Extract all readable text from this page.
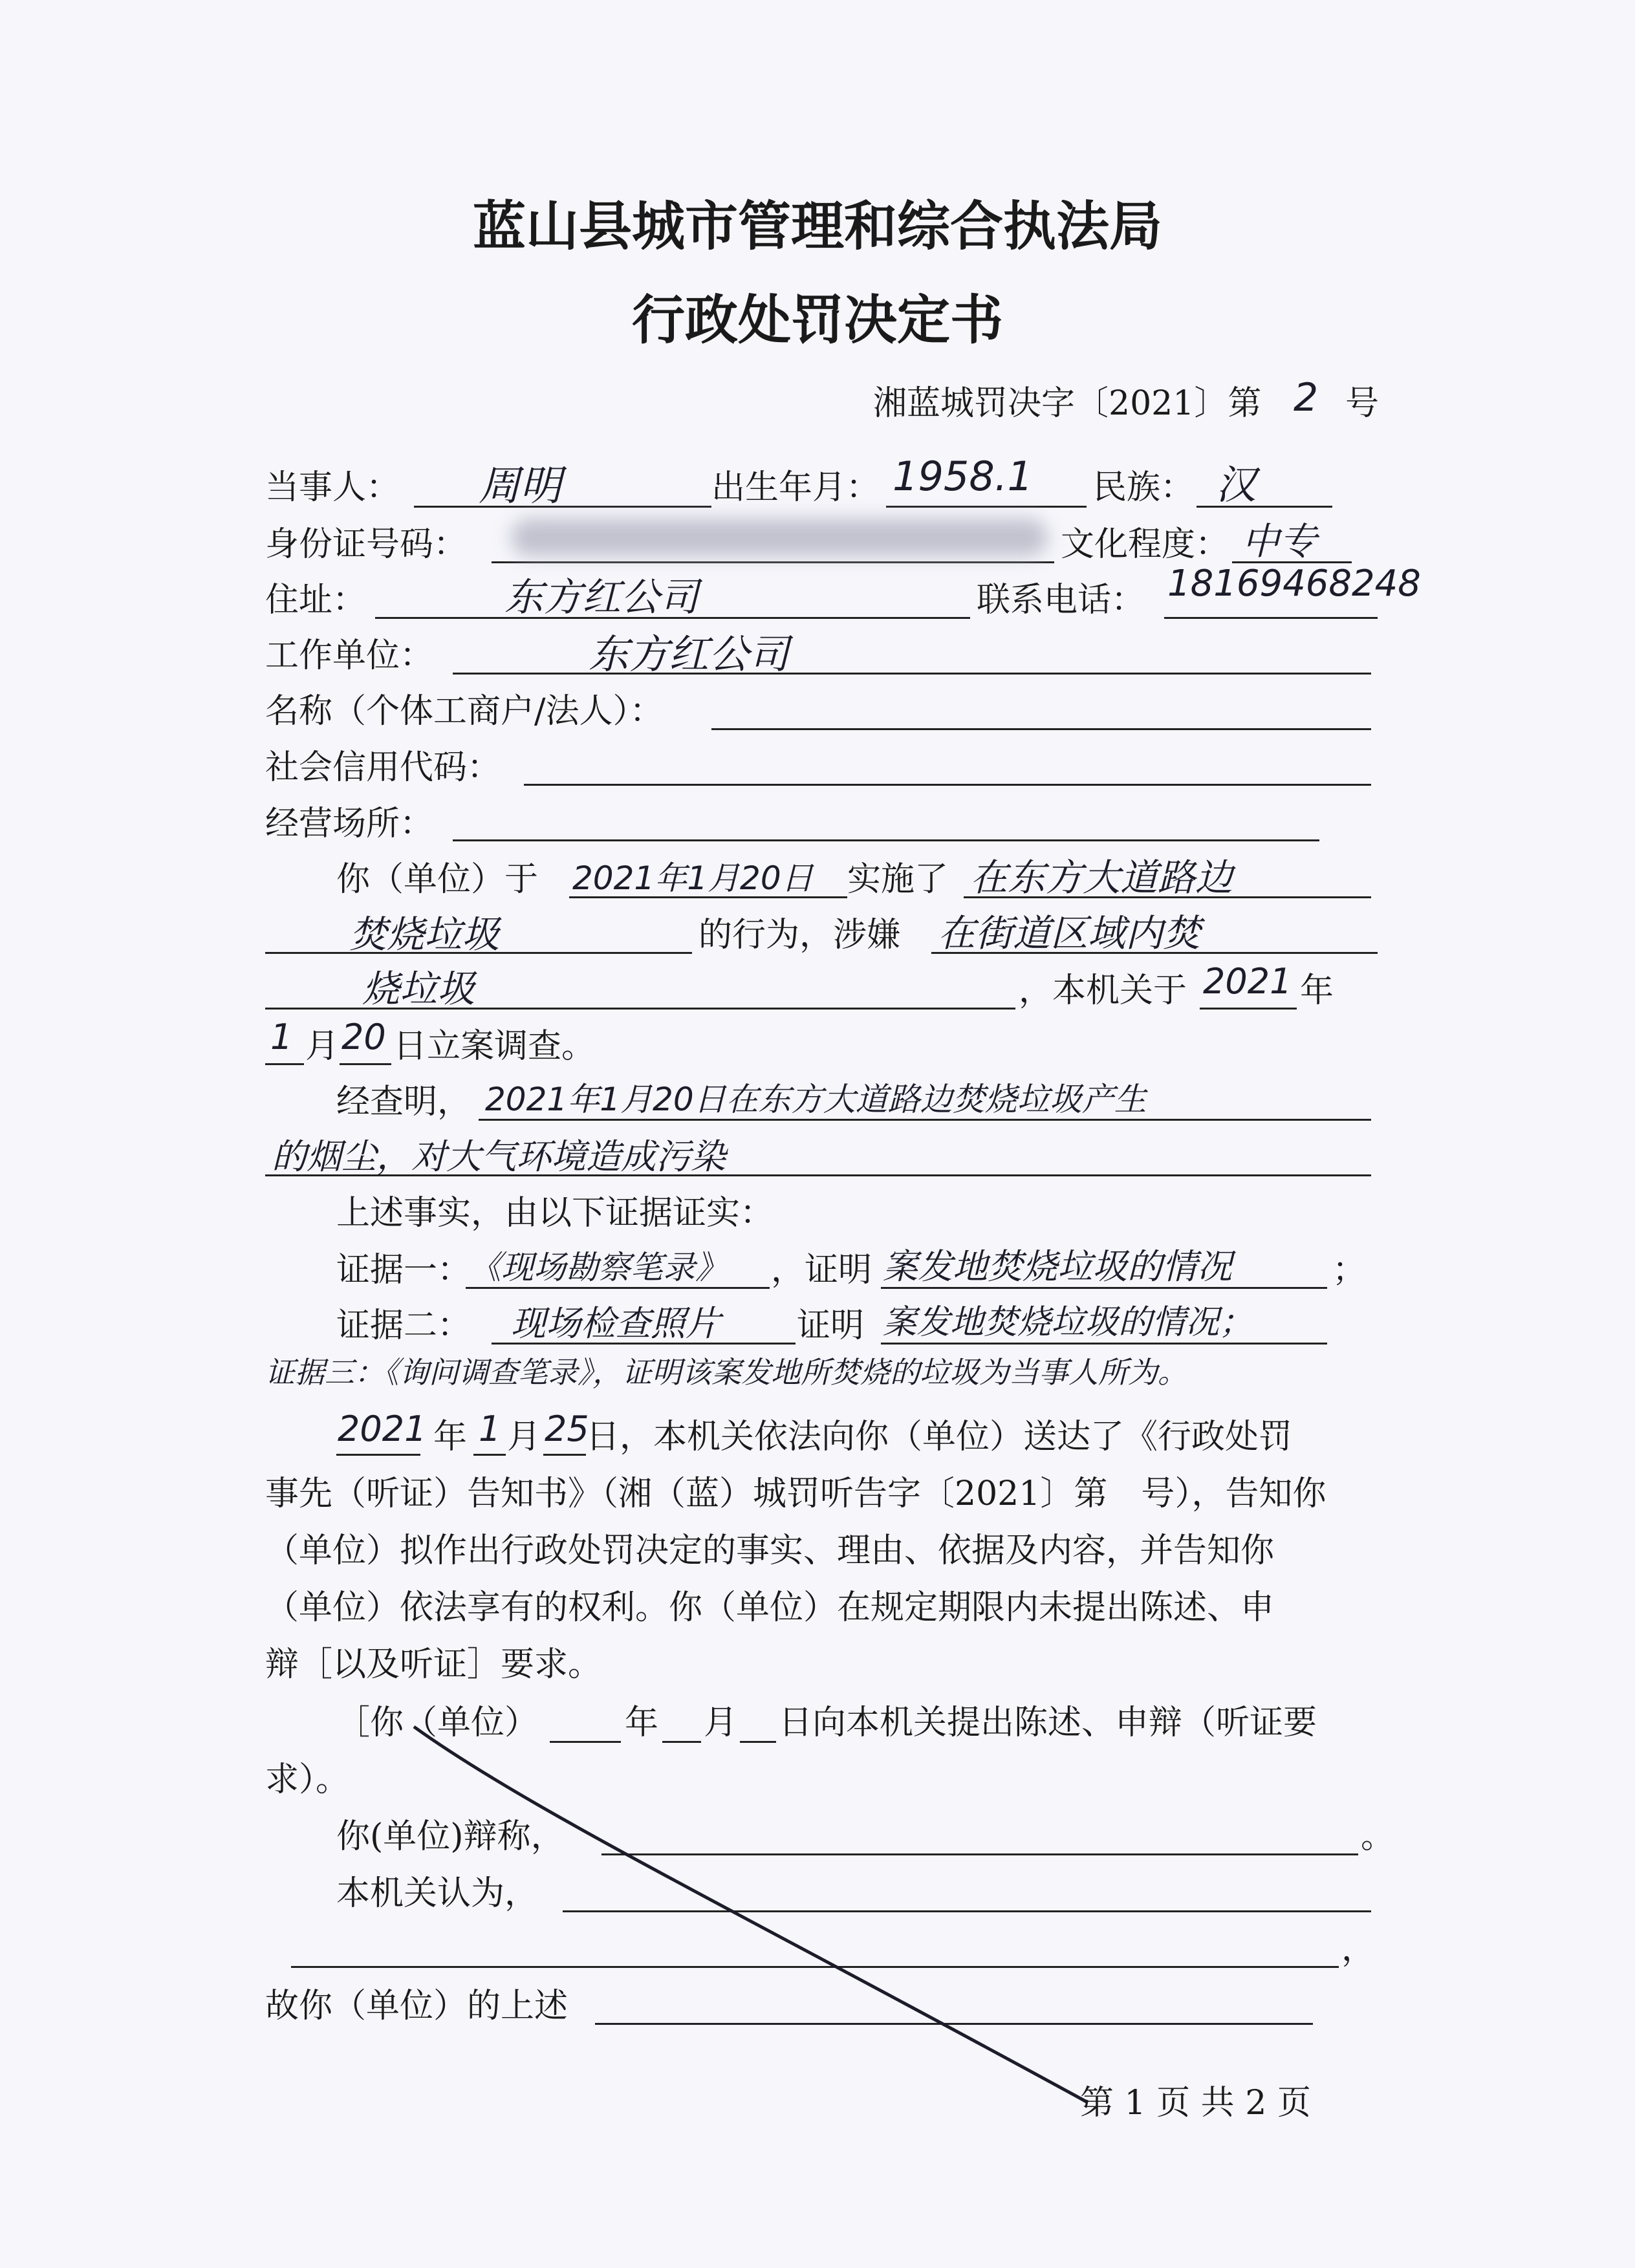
蓝山县城市管理和综合执法局
行政处罚决定书
湘蓝城罚决字〔2021〕第 2 号
当事人： 周明	出生年月： 1958.1 民族： 汉
身份证号码：	文化程度： 中专
住址：	东方红公司	联系电话： 18169468248
工作单位：	东方红公司
名称（个体工商户/法人）：
社会信用代码：
经营场所：
你（单位）于 2021年1月20日 实施了 在东方大道路边
焚烧垃圾	的行为，涉嫌 在街道区域内焚
烧垃圾	，本机关于 2021 年
1 月 20 日立案调查。
经查明， 2021年1月20日在东方大道路边焚烧垃圾产生
的烟尘，对大气环境造成污染
上述事实，由以下证据证实：
证据一：
《现场勘察笔录》 ，证明 案发地焚烧垃圾的情况	；
证据二： 现场检查照片 证明 案发地焚烧垃圾的情况；
证据三：《询问调查笔录》，证明该案发地所焚烧的垃圾为当事人所为。
2021 年 1 月 25
日，本机关依法向你（单位）送达了《行政处罚
事先（听证）告知书》（湘（蓝）城罚听告字〔2021〕第　号），告知你
（单位）拟作出行政处罚决定的事实、理由、依据及内容，并告知你
（单位）依法享有的权利。你（单位）在规定期限内未提出陈述、申
辩［以及听证］要求。
［你（单位）	年 月 日向本机关提出陈述、申辩（听证要
求）。
你(单位)辩称，	。
本机关认为，
，
故你（单位）的上述
第 1 页 共 2 页
